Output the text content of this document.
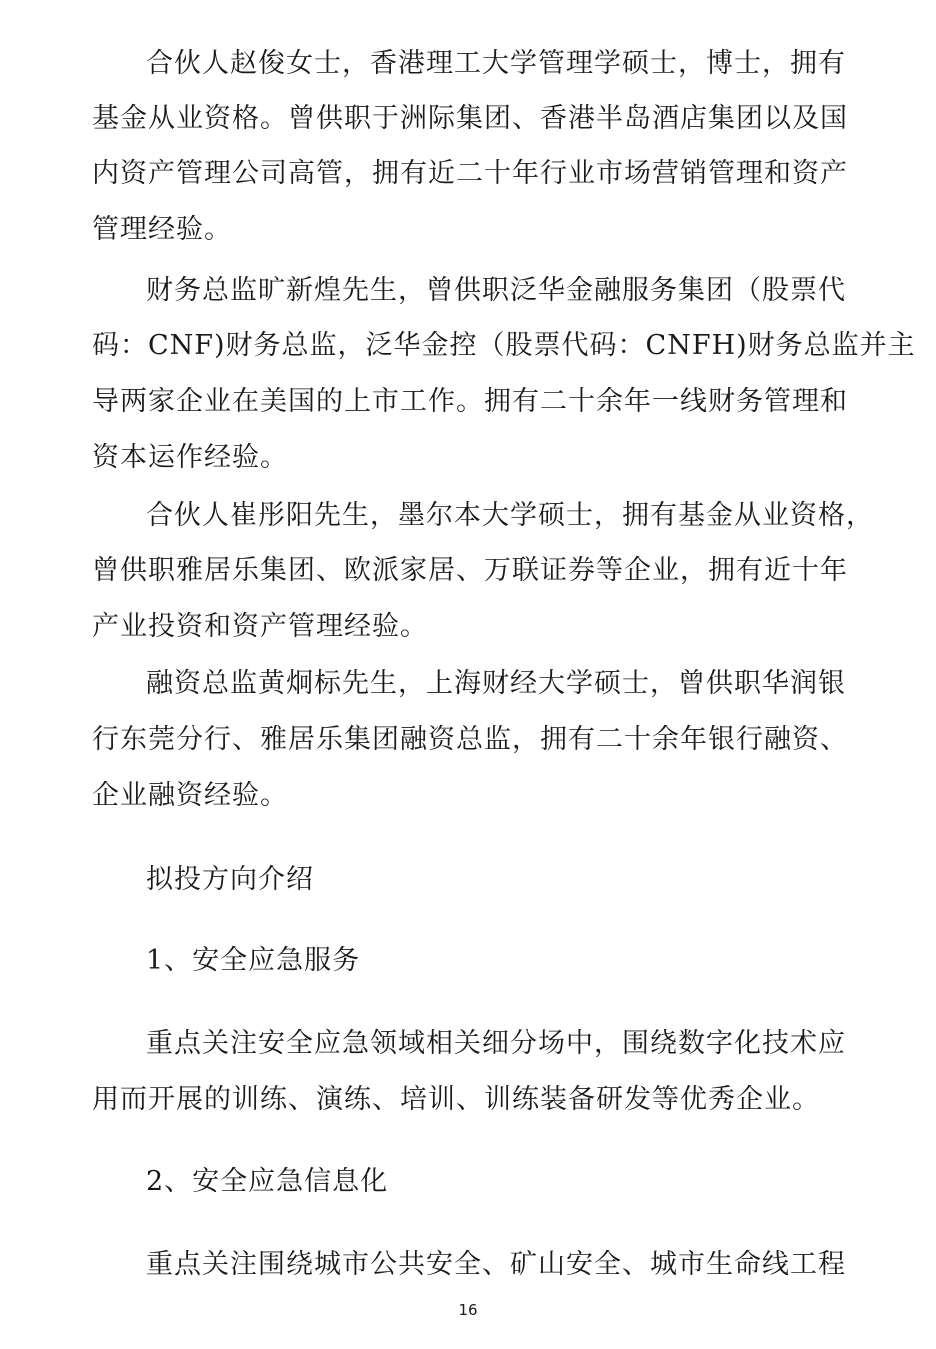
合伙人赵俊女士，香港理工大学管理学硕士，博士，拥有
基金从业资格。曾供职于洲际集团、香港半岛酒店集团以及国
内资产管理公司高管，拥有近二十年行业市场营销管理和资产
管理经验。
财务总监旷新煌先生，曾供职泛华金融服务集团（股票代
码：CNF)财务总监，泛华金控（股票代码：CNFH)财务总监并主
导两家企业在美国的上市工作。拥有二十余年一线财务管理和
资本运作经验。
合伙人崔彤阳先生，墨尔本大学硕士，拥有基金从业资格，
曾供职雅居乐集团、欧派家居、万联证券等企业，拥有近十年
产业投资和资产管理经验。
融资总监黄炯标先生，上海财经大学硕士，曾供职华润银
行东莞分行、雅居乐集团融资总监，拥有二十余年银行融资、
企业融资经验。
拟投方向介绍
1、安全应急服务
重点关注安全应急领域相关细分场中，围绕数字化技术应
用而开展的训练、演练、培训、训练装备研发等优秀企业。
2、安全应急信息化
重点关注围绕城市公共安全、矿山安全、城市生命线工程
16
